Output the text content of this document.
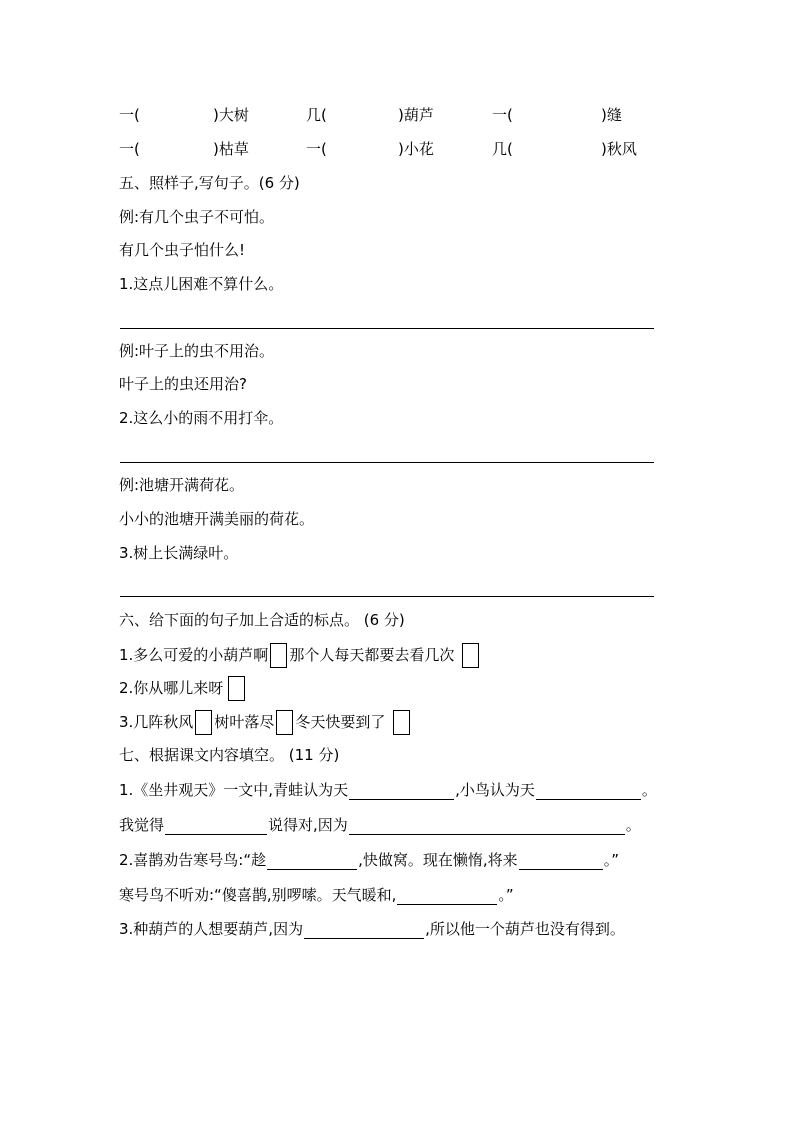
一(	)大树	几(	)葫芦	一(	)缝
一(	)枯草	一(	)小花	几(	)秋风
五、照样子,写句子。(6 分)
例:有几个虫子不可怕。
有几个虫子怕什么!
1.这点儿困难不算什么。
例:叶子上的虫不用治。
叶子上的虫还用治?
2.这么小的雨不用打伞。
例:池塘开满荷花。
小小的池塘开满美丽的荷花。
3.树上长满绿叶。
六、给下面的句子加上合适的标点。 (6 分)
1.多么可爱的小葫芦啊 那个人每天都要去看几次
2.你从哪儿来呀
3.几阵秋风 树叶落尽 冬天快要到了
七、根据课文内容填空。 (11 分)
1.《坐井观天》一文中,青蛙认为天	,小鸟认为天	。
我觉得	说得对,因为	。
2.喜鹊劝告寒号鸟:“趁	,快做窝。现在懒惰,将来	。”
寒号鸟不听劝:“傻喜鹊,别啰嗦。天气暖和,	。”
3.种葫芦的人想要葫芦,因为	,所以他一个葫芦也没有得到。
